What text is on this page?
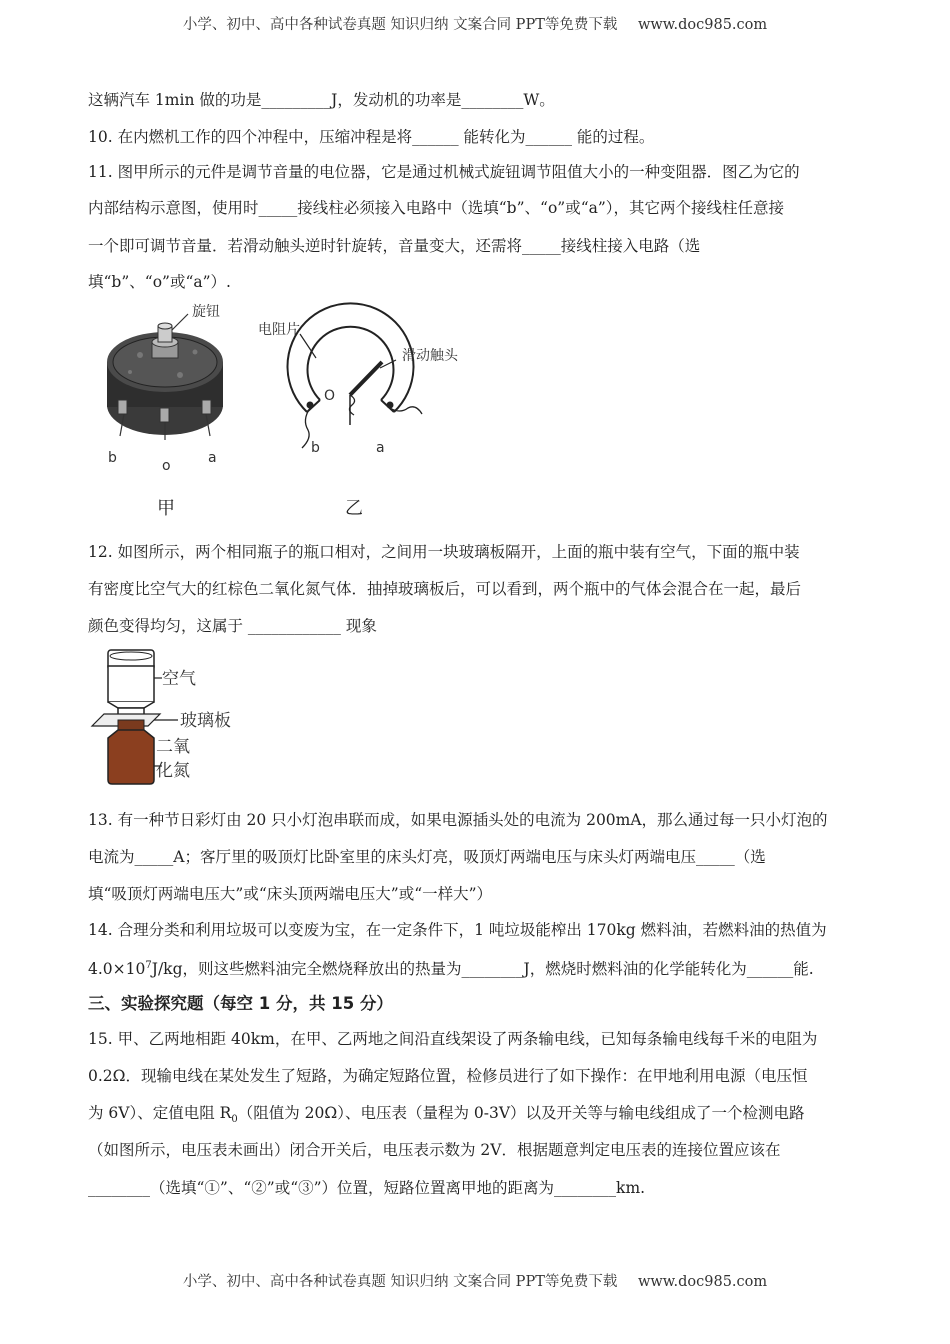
小学、初中、高中各种试卷真题 知识归纳 文案合同 PPT等免费下载 www.doc985.com
这辆汽车 1min 做的功是_________J，发动机的功率是________W。
10. 在内燃机工作的四个冲程中，压缩冲程是将______ 能转化为______ 能的过程。
11. 图甲所示的元件是调节音量的电位器，它是通过机械式旋钮调节阻值大小的一种变阻器．图乙为它的
内部结构示意图，使用时_____接线柱必须接入电路中（选填“b”、“o”或“a”），其它两个接线柱任意接
一个即可调节音量．若滑动触头逆时针旋转，音量变大，还需将_____接线柱接入电路（选
填“b”、“o”或“a”）.
旋钮
b	o	a
电阻片
滑动触头
O
b	a
甲	乙
12. 如图所示，两个相同瓶子的瓶口相对，之间用一块玻璃板隔开，上面的瓶中装有空气，下面的瓶中装
有密度比空气大的红棕色二氧化氮气体．抽掉玻璃板后，可以看到，两个瓶中的气体会混合在一起，最后
颜色变得均匀，这属于 ____________ 现象
空气
玻璃板
二氧
化氮
13. 有一种节日彩灯由 20 只小灯泡串联而成，如果电源插头处的电流为 200mA，那么通过每一只小灯泡的
电流为_____A；客厅里的吸顶灯比卧室里的床头灯亮，吸顶灯两端电压与床头灯两端电压_____（选
填“吸顶灯两端电压大”或“床头顶两端电压大”或“一样大”）
14. 合理分类和利用垃圾可以变废为宝，在一定条件下，1 吨垃圾能榨出 170kg 燃料油，若燃料油的热值为
$4.0\times 10^7J/kg$，则这些燃料油完全燃烧释放出的热量为________J，燃烧时燃料油的化学能转化为______能.
三、实验探究题（每空 1 分，共 15 分）
15. 甲、乙两地相距 40km，在甲、乙两地之间沿直线架设了两条输电线，已知每条输电线每千米的电阻为
0.2Ω．现输电线在某处发生了短路，为确定短路位置，检修员进行了如下操作：在甲地利用电源（电压恒
为 6V）、定值电阻 $R_0$（阻值为 20Ω）、电压表（量程为 0-3V）以及开关等与输电线组成了一个检测电路
（如图所示，电压表未画出）闭合开关后，电压表示数为 2V．根据题意判定电压表的连接位置应该在
________（选填“①”、“②”或“③”）位置，短路位置离甲地的距离为________km.
小学、初中、高中各种试卷真题 知识归纳 文案合同 PPT等免费下载 www.doc985.com
